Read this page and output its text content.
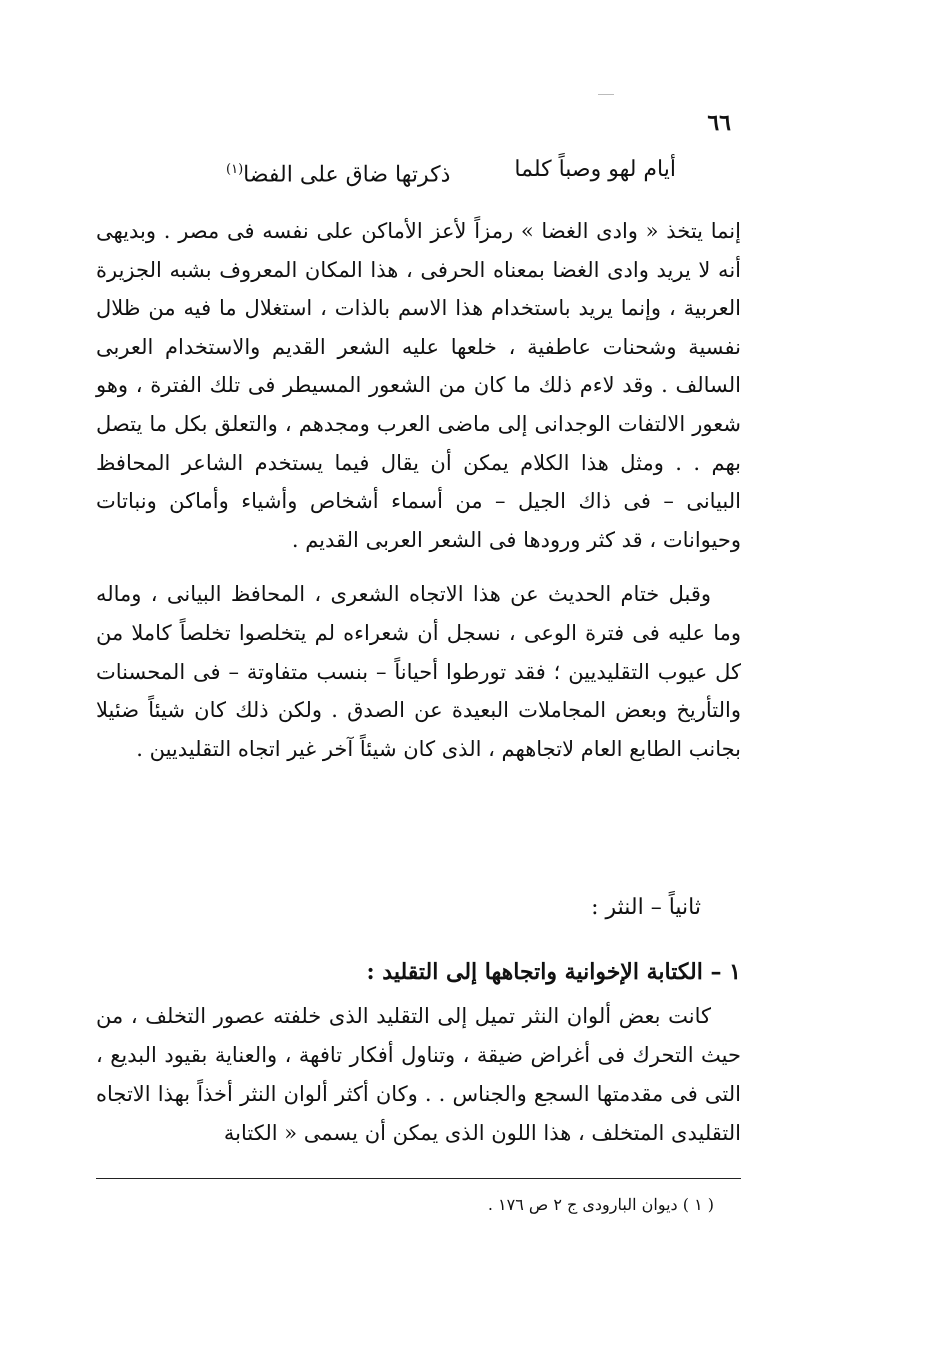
٦٦
أيام لهو وصباً كلما
ذكرتها ضاق على الفضا$^{(١)}$

إنما يتخذ « وادى الغضا » رمزاً لأعز الأماكن على نفسه فى مصر . وبديهى أنه لا يريد وادى الغضا بمعناه الحرفى ، هذا المكان المعروف بشبه الجزيرة العربية ، وإنما يريد باستخدام هذا الاسم بالذات ، استغلال ما فيه من ظلال نفسية وشحنات عاطفية ، خلعها عليه الشعر القديم والاستخدام العربى السالف . وقد لاءم ذلك ما كان من الشعور المسيطر فى تلك الفترة ، وهو شعور الالتفات الوجدانى إلى ماضى العرب ومجدهم ، والتعلق بكل ما يتصل بهم . . ومثل هذا الكلام يمكن أن يقال فيما يستخدم الشاعر المحافظ البيانى – فى ذاك الجيل – من أسماء أشخاص وأشياء وأماكن ونباتات وحيوانات ، قد كثر ورودها فى الشعر العربى القديم .

وقبل ختام الحديث عن هذا الاتجاه الشعرى ، المحافظ البيانى ، وماله وما عليه فى فترة الوعى ، نسجل أن شعراءه لم يتخلصوا تخلصاً كاملا من كل عيوب التقليديين ؛ فقد تورطوا أحياناً – بنسب متفاوتة – فى المحسنات والتأريخ وبعض المجاملات البعيدة عن الصدق . ولكن ذلك كان شيئاً ضئيلا بجانب الطابع العام لاتجاههم ، الذى كان شيئاً آخر غير اتجاه التقليديين .

ثانياً – النثر :
١ – الكتابة الإخوانية واتجاهها إلى التقليد :

كانت بعض ألوان النثر تميل إلى التقليد الذى خلفته عصور التخلف ، من حيث التحرك فى أغراض ضيقة ، وتناول أفكار تافهة ، والعناية بقيود البديع ، التى فى مقدمتها السجع والجناس . . وكان أكثر ألوان النثر أخذاً بهذا الاتجاه التقليدى المتخلف ، هذا اللون الذى يمكن أن يسمى « الكتابة

( ١ ) ديوان البارودى ج ٢ ص ١٧٦ .
